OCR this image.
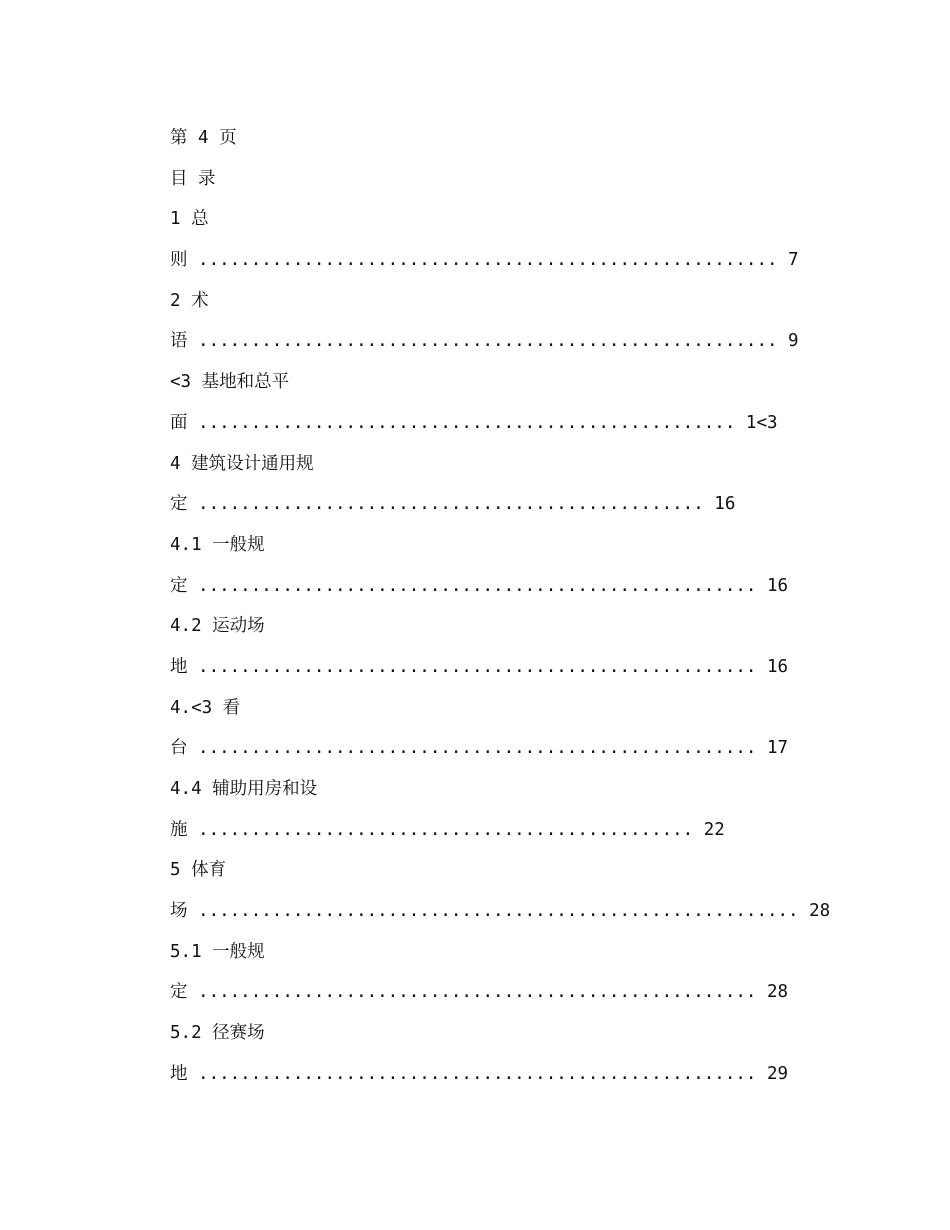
第 4 页
目 录
1 总
则 ....................................................... 7
2 术
语 ....................................................... 9
<3 基地和总平
面 ................................................... 1<3
4 建筑设计通用规
定 ................................................ 16
4.1 一般规
定 ..................................................... 16
4.2 运动场
地 ..................................................... 16
4.<3 看
台 ..................................................... 17
4.4 辅助用房和设
施 ............................................... 22
5 体育
场 ......................................................... 28
5.1 一般规
定 ..................................................... 28
5.2 径赛场
地 ..................................................... 29
